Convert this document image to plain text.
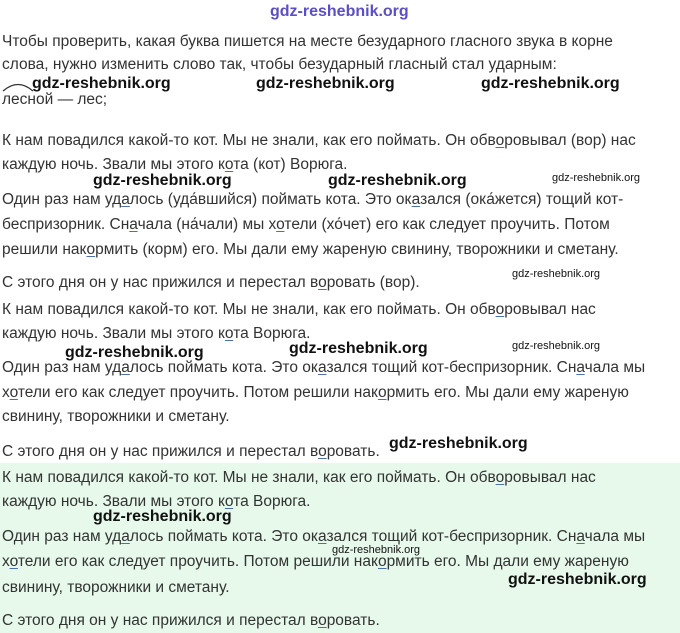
gdz-reshebnik.org
Чтобы проверить, какая буква пишется на месте безударного гласного звука в корне
слова, нужно изменить слово так, чтобы безударный гласный стал ударным:
лесной — лес;
К нам повадился какой-то кот. Мы не знали, как его поймать. Он обворовывал (вор) нас
каждую ночь. Звали мы этого кота (кот) Ворюга.
Один раз нам удалось (уда́вшийся) поймать кота. Это оказался (ока́жется) тощий кот-
беспризорник. Сначала (на́чали) мы хотели (хо́чет) его как следует проучить. Потом
решили накормить (корм) его. Мы дали ему жареную свинину, творожники и сметану.
С этого дня он у нас прижился и перестал воровать (вор).
К нам повадился какой-то кот. Мы не знали, как его поймать. Он обворовывал нас
каждую ночь. Звали мы этого кота Ворюга.
Один раз нам удалось поймать кота. Это оказался тощий кот-беспризорник. Сначала мы
хотели его как следует проучить. Потом решили накормить его. Мы дали ему жареную
свинину, творожники и сметану.
С этого дня он у нас прижился и перестал воровать.
К нам повадился какой-то кот. Мы не знали, как его поймать. Он обворовывал нас
каждую ночь. Звали мы этого кота Ворюга.
Один раз нам удалось поймать кота. Это оказался тощий кот-беспризорник. Сначала мы
хотели его как следует проучить. Потом решили накормить его. Мы дали ему жареную
свинину, творожники и сметану.
С этого дня он у нас прижился и перестал воровать.
gdz-reshebnik.org	gdz-reshebnik.org	gdz-reshebnik.org
gdz-reshebnik.org	gdz-reshebnik.org	gdz-reshebnik.org
gdz-reshebnik.org
gdz-reshebnik.org	gdz-reshebnik.org	gdz-reshebnik.org
gdz-reshebnik.org
gdz-reshebnik.org
gdz-reshebnik.org
gdz-reshebnik.org
